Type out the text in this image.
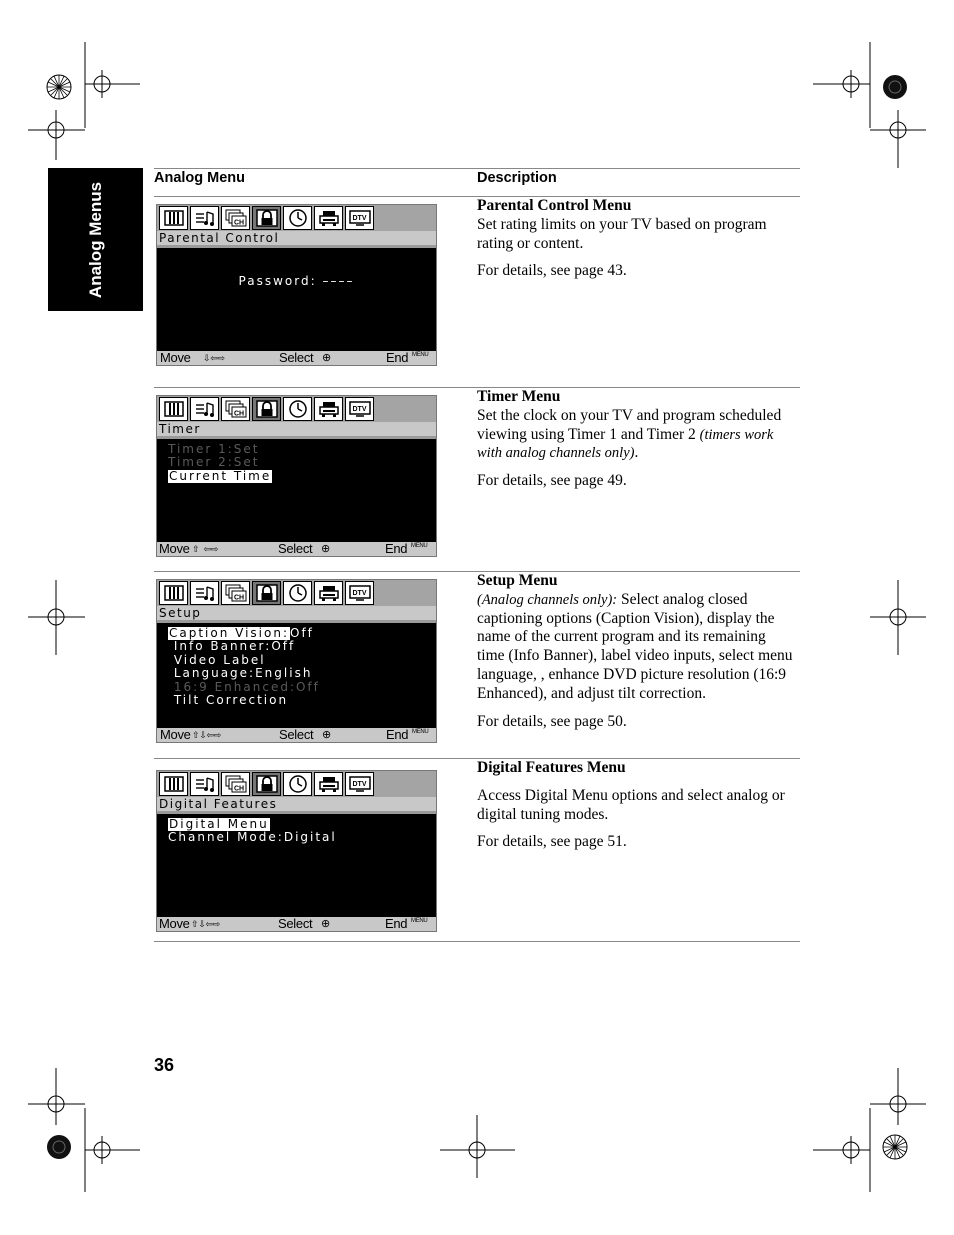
Analog Menus
Analog Menu	Description
CH
DTV
Parental Control
Password: ––––
Move ⇩⇦⇨	Select ⊕	End MENU

Parental Control Menu

Set rating limits on your TV based on program rating or content.

For details, see page 43.

CH
DTV
Timer
Timer 1:Set
Timer 2:Set
Current Time
Move ⇧  ⇦⇨	Select ⊕	End MENU

Timer Menu

Set the clock on your TV and program scheduled viewing using Timer 1 and Timer 2 (timers work with analog channels only).

For details, see page 49.

CH
DTV
Setup
Caption Vision:Off
Info Banner:Off
Video Label
Language:English
16:9 Enhanced:Off
Tilt Correction
Move ⇧⇩⇦⇨	Select ⊕	End MENU

Setup Menu

(Analog channels only): Select analog closed captioning options (Caption Vision), display the name of the current program and its remaining time (Info Banner), label video inputs, select menu language, , enhance DVD picture resolution (16:9 Enhanced), and adjust tilt correction.

For details, see page 50.

CH
DTV
Digital Features
Digital Menu
Channel Mode:Digital
Move ⇧⇩⇦⇨	Select ⊕	End MENU

Digital Features Menu

Access Digital Menu options and select analog or digital tuning modes.

For details, see page 51.

36
